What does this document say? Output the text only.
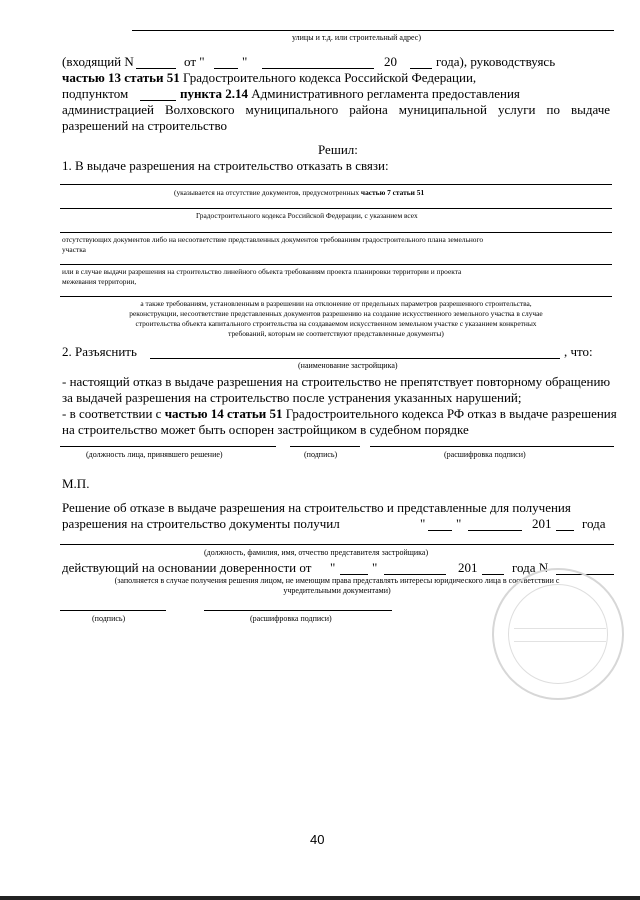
улицы и т.д. или строительный адрес)
(входящий N	от "	"	20	года), руководствуясь
частью 13 статьи 51 Градостроительного кодекса Российской Федерации,
подпунктом	пункта 2.14 Административного регламента предоставления
администрацией Волховского муниципального района муниципальной услуги по выдаче
разрешений на строительство
Решил:
1. В выдаче разрешения на строительство отказать в связи:
(указывается на отсутствие документов, предусмотренных частью 7 статьи 51
Градостроительного кодекса Российской Федерации, с указанием всех
отсутствующих документов либо на несоответствие представленных документов требованиям градостроительного плана земельного
участка
или в случае выдачи разрешения на строительство линейного объекта требованиям проекта планировки территории и проекта
межевания территории,
а также требованиям, установленным в разрешении на отклонение от предельных параметров разрешенного строительства,
реконструкции, несоответствие представленных документов разрешению на создание искусственного земельного участка в случае
строительства объекта капитального строительства на создаваемом искусственном земельном участке с указанием конкретных
требований, которым не соответствуют представленные документы)
2. Разъяснить	, что:
(наименование застройщика)
- настоящий отказ в выдаче разрешения на строительство не препятствует повторному обращению
за выдачей разрешения на строительство после устранения указанных нарушений;
- в соответствии с частью 14 статьи 51 Градостроительного кодекса РФ отказ в выдаче разрешения
на строительство может быть оспорен застройщиком в судебном порядке
(должность лица, принявшего решение)	(подпись)	(расшифровка подписи)
М.П.
Решение об отказе в выдаче разрешения на строительство и представленные для получения
разрешения на строительство документы получил	" "	201 года
(должность, фамилия, имя, отчество представителя застройщика)
действующий на основании доверенности от "	"	201	года N
(заполняется в случае получения решения лицом, не имеющим права представлять интересы юридического лица в соответствии с
учредительными документами)
(подпись)	(расшифровка подписи)
40
